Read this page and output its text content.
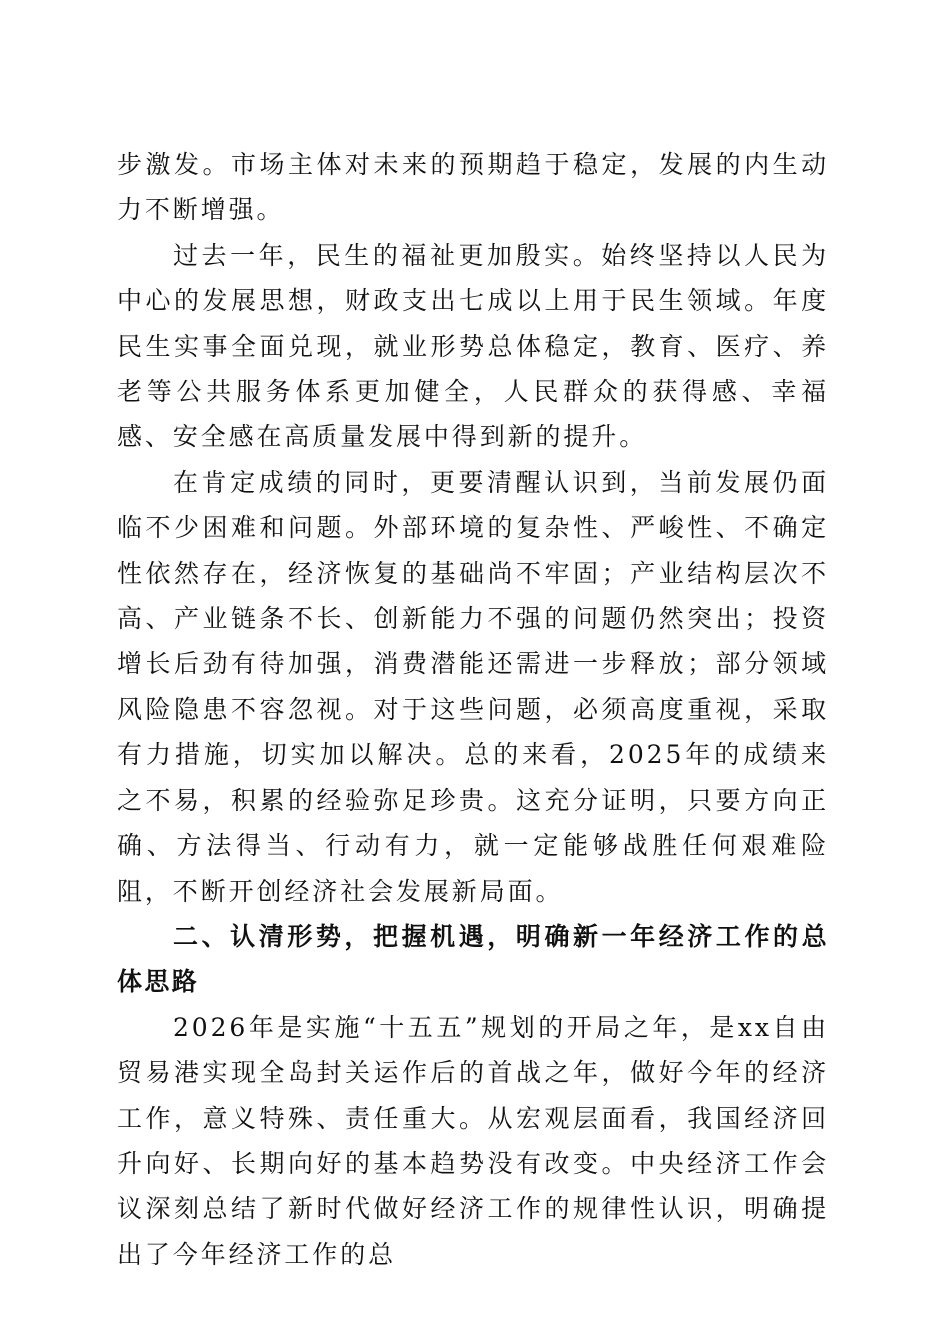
步激发。市场主体对未来的预期趋于稳定，发展的内生动力不断增强。

过去一年，民生的福祉更加殷实。始终坚持以人民为中心的发展思想，财政支出七成以上用于民生领域。年度民生实事全面兑现，就业形势总体稳定，教育、医疗、养老等公共服务体系更加健全，人民群众的获得感、幸福感、安全感在高质量发展中得到新的提升。

在肯定成绩的同时，更要清醒认识到，当前发展仍面临不少困难和问题。外部环境的复杂性、严峻性、不确定性依然存在，经济恢复的基础尚不牢固；产业结构层次不高、产业链条不长、创新能力不强的问题仍然突出；投资增长后劲有待加强，消费潜能还需进一步释放；部分领域风险隐患不容忽视。对于这些问题，必须高度重视，采取有力措施，切实加以解决。总的来看，2025年的成绩来之不易，积累的经验弥足珍贵。这充分证明，只要方向正确、方法得当、行动有力，就一定能够战胜任何艰难险阻，不断开创经济社会发展新局面。

二、认清形势，把握机遇，明确新一年经济工作的总体思路

2026年是实施“十五五”规划的开局之年，是xx自由贸易港实现全岛封关运作后的首战之年，做好今年的经济工作，意义特殊、责任重大。从宏观层面看，我国经济回升向好、长期向好的基本趋势没有改变。中央经济工作会议深刻总结了新时代做好经济工作的规律性认识，明确提出了今年经济工作的总
